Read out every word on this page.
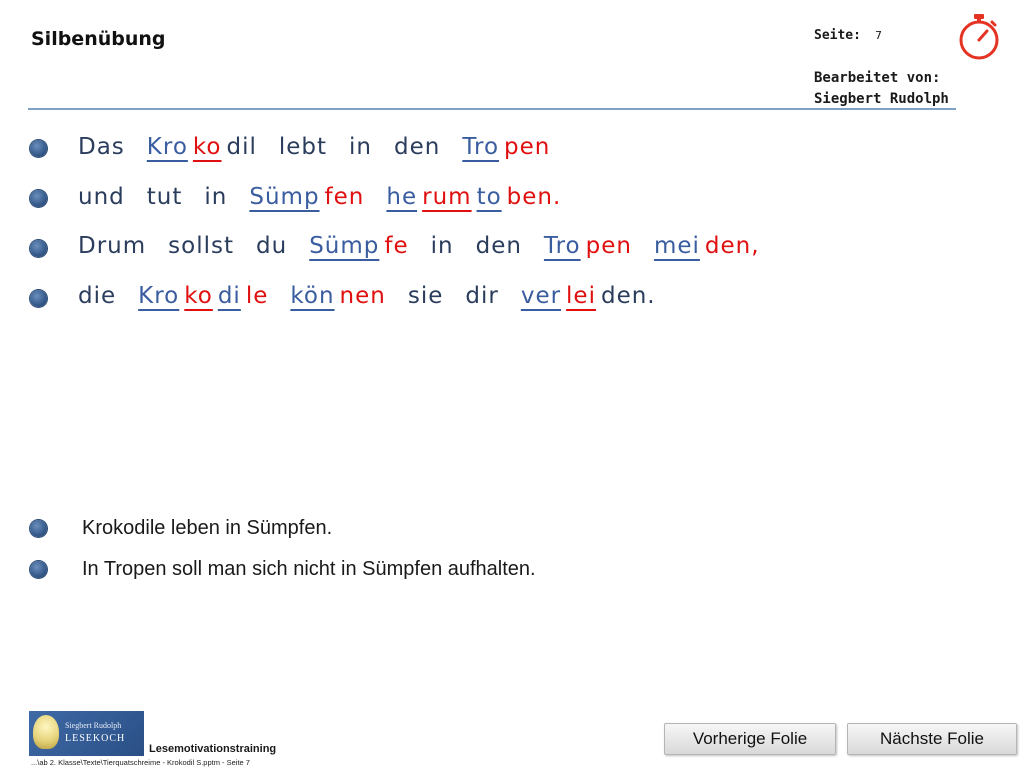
Silbenübung	Seite: 7
Bearbeitet von:
Siegbert Rudolph
Das Kro ko dil lebt in den Tro pen
und tut in Sümp fen he rum to ben.
Drum sollst du Sümp fe in den Tro pen mei den,
die Kro ko di le kön nen sie dir ver lei den.
Krokodile leben in Sümpfen.
In Tropen soll man sich nicht in Sümpfen aufhalten.
Siegbert Rudolph
LESEKOCH
Lesemotivationstraining
...\ab 2. Klasse\Texte\Tierquatschreime - Krokodil S.pptm - Seite 7
Vorherige Folie	Nächste Folie
